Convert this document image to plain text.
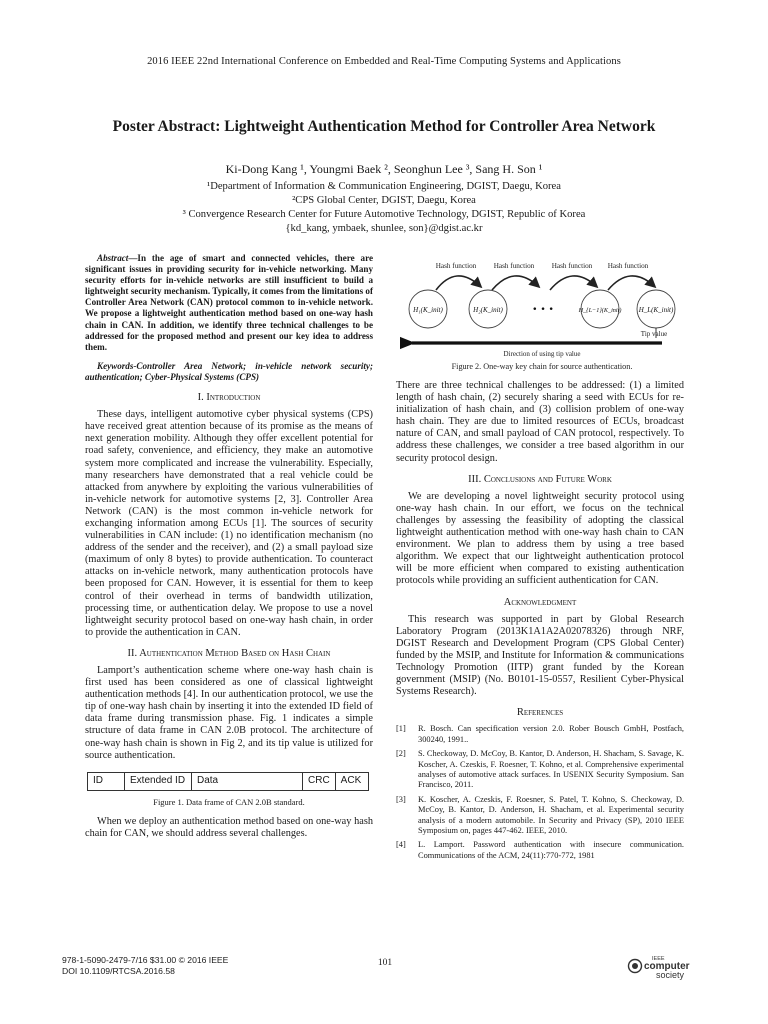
2016 IEEE 22nd International Conference on Embedded and Real-Time Computing Systems and Applications
Poster Abstract: Lightweight Authentication Method for Controller Area Network
Ki-Dong Kang ¹, Youngmi Baek ², Seonghun Lee ³, Sang H. Son ¹
¹Department of Information & Communication Engineering, DGIST, Daegu, Korea
²CPS Global Center, DGIST, Daegu, Korea
³ Convergence Research Center for Future Automotive Technology, DGIST, Republic of Korea
{kd_kang, ymbaek, shunlee, son}@dgist.ac.kr

Abstract—In the age of smart and connected vehicles, there are significant issues in providing security for in-vehicle networking. Many security efforts for in-vehicle networks are still insufficient to build a lightweight security mechanism. Typically, it comes from the limitations of Controller Area Network (CAN) protocol common to in-vehicle network. We propose a lightweight authentication method based on one-way hash chain in CAN. In addition, we identify three technical challenges to be addressed for the proposed method and present our key idea to address them.

Keywords-Controller Area Network; in-vehicle network security; authentication; Cyber-Physical Systems (CPS)

I. Introduction

These days, intelligent automotive cyber physical systems (CPS) have received great attention because of its promise as the means of next generation mobility. Although they offer excellent potential for road safety, convenience, and efficiency, they make an automotive system more complicated and increase the vulnerability. Especially, many researchers have demonstrated that a real vehicle could be attacked from anywhere by exploiting the various vulnerabilities of in-vehicle network for automotive systems [2, 3]. Controller Area Network (CAN) is the most common in-vehicle network for exchanging information among ECUs [1]. The sources of security vulnerabilities in CAN include: (1) no identification mechanism (no address of the sender and the receiver), and (2) a small payload size (maximum of only 8 bytes) to provide authentication. To counteract attacks on in-vehicle network, many authentication protocols have been proposed for CAN. However, it is essential for them to keep control of their overhead in terms of bandwidth utilization, processing time, or authentication delay. We propose to use a novel lightweight security protocol based on one-way hash chain, in order to provide the authentication in CAN.

II. Authentication Method Based on Hash Chain

Lamport’s authentication scheme where one-way hash chain is first used has been considered as one of classical lightweight authentication methods [4]. In our authentication protocol, we use the tip of one-way hash chain by inserting it into the extended ID field of data frame during transmission phase. Fig. 1 indicates a simple structure of data frame in CAN 2.0B protocol. The architecture of one-way hash chain is shown in Fig 2, and its tip value is utilized for source authentication.

ID	Extended ID	Data	CRC	ACK
Figure 1. Data frame of CAN 2.0B standard.

When we deploy an authentication method based on one-way hash chain for CAN, we should address several challenges.

Hash function Hash function Hash function Hash function
H₁(K_init)	H₂(K_init)	H_{L−1}(K_init) H_L(K_init)
• • •
Tip value
Direction of using tip value
Figure 2. One-way key chain for source authentication.

There are three technical challenges to be addressed: (1) a limited length of hash chain, (2) securely sharing a seed with ECUs for re-initialization of hash chain, and (3) collision problem of one-way hash chain. They are due to limited resources of ECUs, broadcast nature of CAN, and small payload of CAN protocol, respectively. To address these challenges, we consider a tree based algorithm in our security protocol design.

III. Conclusions and Future Work

We are developing a novel lightweight security protocol using one-way hash chain. In our effort, we focus on the technical challenges by assessing the feasibility of adopting the classical lightweight authentication method with one-way hash chain to CAN environment. We plan to address them by using a tree based algorithm. We expect that our lightweight authentication protocol will be more efficient when compared to existing authentication protocols while providing an sufficient authentication for CAN.

Acknowledgment

This research was supported in part by Global Research Laboratory Program (2013K1A1A2A02078326) through NRF, DGIST Research and Development Program (CPS Global Center) funded by the MSIP, and Institute for Information & communications Technology Promotion (IITP) grant funded by the Korean government (MSIP) (No. B0101-15-0557, Resilient Cyber-Physical Systems Research).

References
[1]	R. Bosch. Can specification version 2.0. Rober Bousch GmbH, Postfach, 300240, 1991..
[2]	S. Checkoway, D. McCoy, B. Kantor, D. Anderson, H. Shacham, S. Savage, K. Koscher, A. Czeskis, F. Roesner, T. Kohno, et al. Comprehensive experimental analyses of automotive attack surfaces. In USENIX Security Symposium. San Francisco, 2011.
[3]	K. Koscher, A. Czeskis, F. Roesner, S. Patel, T. Kohno, S. Checkoway, D. McCoy, B. Kantor, D. Anderson, H. Shacham, et al. Experimental security analysis of a modern automobile. In Security and Privacy (SP), 2010 IEEE Symposium on, pages 447-462. IEEE, 2010.
[4]	L. Lamport. Password authentication with insecure communication. Communications of the ACM, 24(11):770-772, 1981
978-1-5090-2479-7/16 $31.00 © 2016 IEEE
DOI 10.1109/RTCSA.2016.58
101	IEEE
computer
society
